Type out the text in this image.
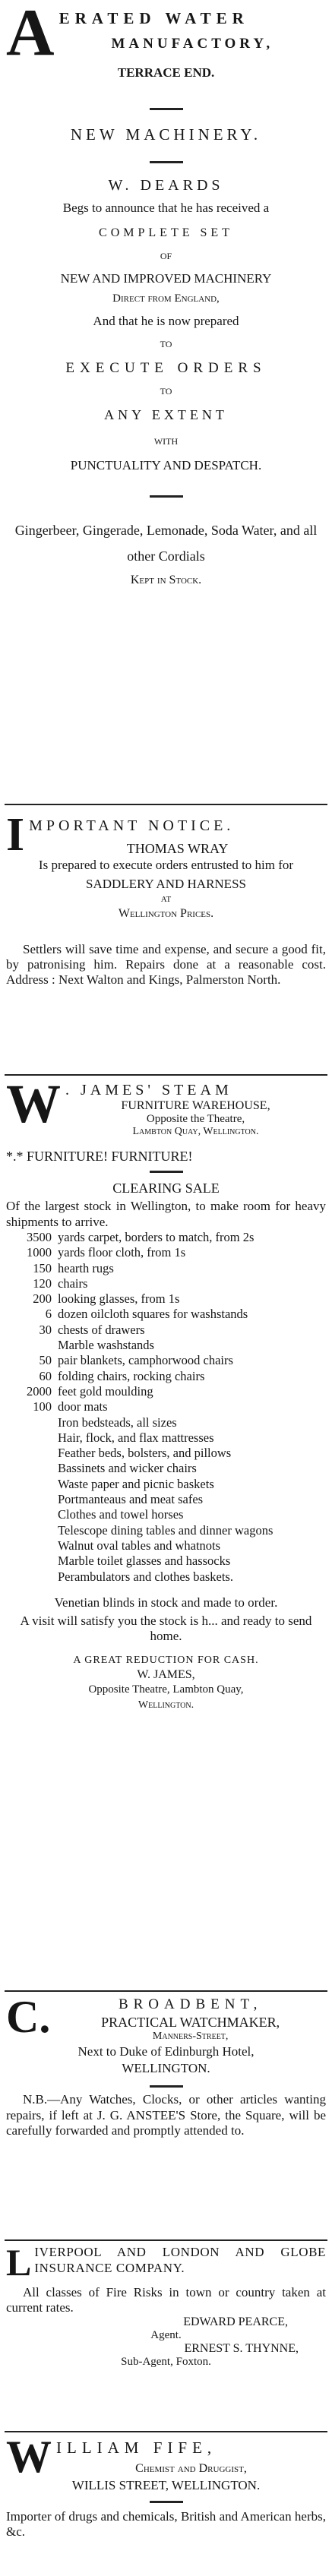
A ERATED WATER
MANUFACTORY,
TERRACE END.
NEW MACHINERY.
W. DEARDS
Begs to announce that he has received a
COMPLETE SET
OF
NEW AND IMPROVED MACHINERY
Direct from England,
And that he is now prepared
TO
EXECUTE ORDERS
TO
ANY EXTENT
WITH
PUNCTUALITY AND DESPATCH.
Gingerbeer, Gingerade, Lemonade, Soda Water, and all other Cordials
Kept in Stock.
I MPORTANT NOTICE.
THOMAS WRAY
Is prepared to execute orders entrusted to him for
SADDLERY AND HARNESS
AT
Wellington Prices.
Settlers will save time and expense, and secure a good fit, by patronising him. Repairs done at a reasonable cost. Address : Next Walton and Kings, Palmerston North.
W . JAMES' STEAM
FURNITURE WAREHOUSE,
Opposite the Theatre,
Lambton Quay, Wellington.
*.* FURNITURE! FURNITURE!
CLEARING SALE
Of the largest stock in Wellington, to make room for heavy shipments to arrive.
3500 yards carpet, borders to match, from 2s
1000 yards floor cloth, from 1s
150 hearth rugs
120 chairs
200 looking glasses, from 1s
6 dozen oilcloth squares for washstands
30 chests of drawers
Marble washstands
50 pair blankets, camphorwood chairs
60 folding chairs, rocking chairs
2000 feet gold moulding
100 door mats
Iron bedsteads, all sizes
Hair, flock, and flax mattresses
Feather beds, bolsters, and pillows
Bassinets and wicker chairs
Waste paper and picnic baskets
Portmanteaus and meat safes
Clothes and towel horses
Telescope dining tables and dinner wagons
Walnut oval tables and whatnots
Marble toilet glasses and hassocks
Perambulators and clothes baskets.
Venetian blinds in stock and made to order.
A visit will satisfy you the stock is h... and ready to send home.
A GREAT REDUCTION FOR CASH.
W. JAMES,
Opposite Theatre, Lambton Quay,
Wellington.
C.	BROADBENT,
PRACTICAL WATCHMAKER,
Manners-Street,
Next to Duke of Edinburgh Hotel,
WELLINGTON.
N.B.—Any Watches, Clocks, or other articles wanting repairs, if left at J. G. ANSTEE'S Store, the Square, will be carefully forwarded and promptly attended to.
L IVERPOOL AND LONDON AND GLOBE INSURANCE COMPANY.
All classes of Fire Risks in town or country taken at current rates.
EDWARD PEARCE,
Agent.
ERNEST S. THYNNE,
Sub-Agent, Foxton.
W ILLIAM FIFE,
Chemist and Druggist,
WILLIS STREET, WELLINGTON.
Importer of drugs and chemicals, British and American herbs, &c.
